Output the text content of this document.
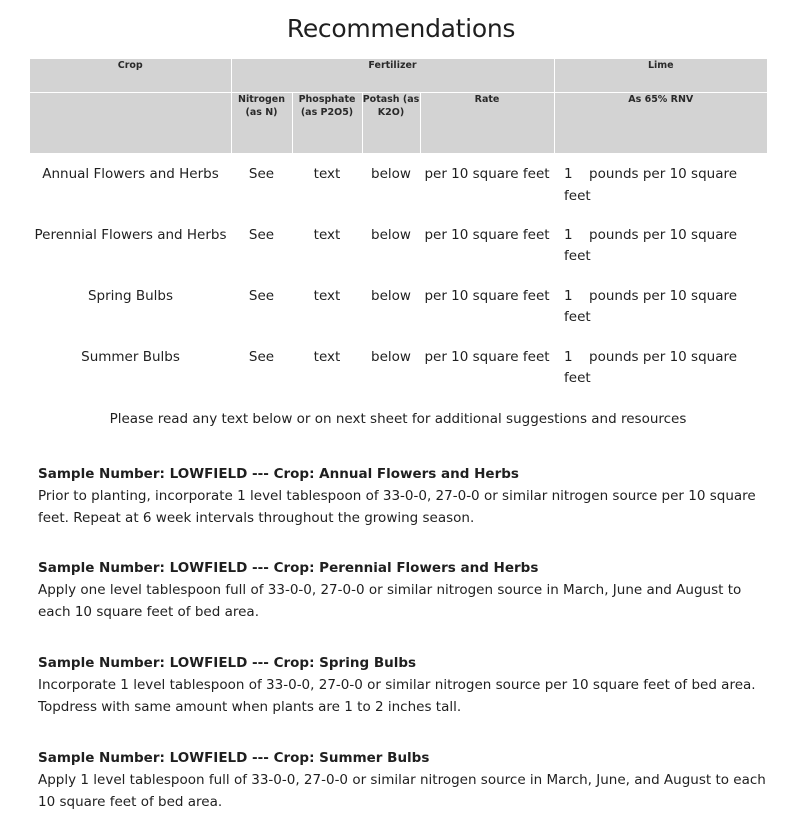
Recommendations
Crop	Fertilizer				Lime
	Nitrogen (as N)	Phosphate (as P2O5)	Potash (as K2O)	Rate	As 65% RNV
Annual Flowers and Herbs	See	text	below	per 10 square feet	1 pounds per 10 square feet
Perennial Flowers and Herbs	See	text	below	per 10 square feet	1 pounds per 10 square feet
Spring Bulbs	See	text	below	per 10 square feet	1 pounds per 10 square feet
Summer Bulbs	See	text	below	per 10 square feet	1 pounds per 10 square feet
Please read any text below or on next sheet for additional suggestions and resources
Sample Number: LOWFIELD --- Crop: Annual Flowers and Herbs
Prior to planting, incorporate 1 level tablespoon of 33-0-0, 27-0-0 or similar nitrogen source per 10 square feet. Repeat at 6 week intervals throughout the growing season.
Sample Number: LOWFIELD --- Crop: Perennial Flowers and Herbs
Apply one level tablespoon full of 33-0-0, 27-0-0 or similar nitrogen source in March, June and August to each 10 square feet of bed area.
Sample Number: LOWFIELD --- Crop: Spring Bulbs
Incorporate 1 level tablespoon of 33-0-0, 27-0-0 or similar nitrogen source per 10 square feet of bed area. Topdress with same amount when plants are 1 to 2 inches tall.
Sample Number: LOWFIELD --- Crop: Summer Bulbs
Apply 1 level tablespoon full of 33-0-0, 27-0-0 or similar nitrogen source in March, June, and August to each 10 square feet of bed area.
